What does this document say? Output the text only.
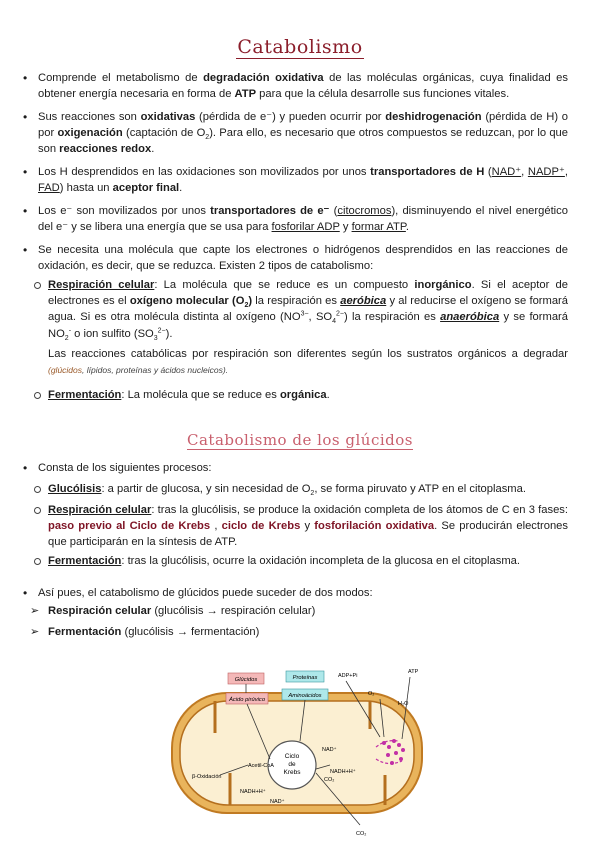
Catabolismo
• Comprende el metabolismo de degradación oxidativa de las moléculas orgánicas, cuya finalidad es obtener energía necesaria en forma de ATP para que la célula desarrolle sus funciones vitales.
• Sus reacciones son oxidativas (pérdida de e⁻) y pueden ocurrir por deshidrogenación (pérdida de H) o por oxigenación (captación de $O_2$). Para ello, es necesario que otros compuestos se reduzcan, por lo que son reacciones redox.
• Los H desprendidos en las oxidaciones son movilizados por unos transportadores de H (NAD⁺, NADP⁺, FAD) hasta un aceptor final.
• Los e⁻ son movilizados por unos transportadores de e⁻ (citocromos), disminuyendo el nivel energético del e⁻ y se libera una energía que se usa para fosforilar ADP y formar ATP.
• Se necesita una molécula que capte los electrones o hidrógenos desprendidos en las reacciones de oxidación, es decir, que se reduzca. Existen 2 tipos de catabolismo:
Respiración celular: La molécula que se reduce es un compuesto inorgánico. Si el aceptor de electrones es el oxígeno molecular $(O_2)$ la respiración es aeróbica y al reducirse el oxígeno se formará agua. Si es otra molécula distinta al oxígeno ($NO^{3-}$, $SO_4^{2-}$) la respiración es anaeróbica y se formará $NO_2^-$ o ion sulfito $(SO_3^{2-})$.
Las reacciones catabólicas por respiración son diferentes según los sustratos orgánicos a degradar (glúcidos, lípidos, proteínas y ácidos nucleicos).
Fermentación: La molécula que se reduce es orgánica.
Catabolismo de los glúcidos
• Consta de los siguientes procesos:
Glucólisis: a partir de glucosa, y sin necesidad de $O_2$, se forma piruvato y ATP en el citoplasma.
Respiración celular: tras la glucólisis, se produce la oxidación completa de los átomos de C en 3 fases: paso previo al Ciclo de Krebs , ciclo de Krebs y fosforilación oxidativa. Se producirán electrones que participarán en la síntesis de ATP.
Fermentación: tras la glucólisis, ocurre la oxidación incompleta de la glucosa en el citoplasma.
• Así pues, el catabolismo de glúcidos puede suceder de dos modos:
➢ Respiración celular (glucólisis → respiración celular)
➢ Fermentación (glucólisis → fermentación)
Ciclo
de
Krebs
Glúcidos
Ácido pirúvico
Proteínas
Aminoácidos
ADP+Pi
ATP
O₂
H₂O
Acetil-CoA
β-Oxidación
NADH+H⁺
NADH+H⁺
NAD⁺
NAD⁺
CO₂
CO₂
